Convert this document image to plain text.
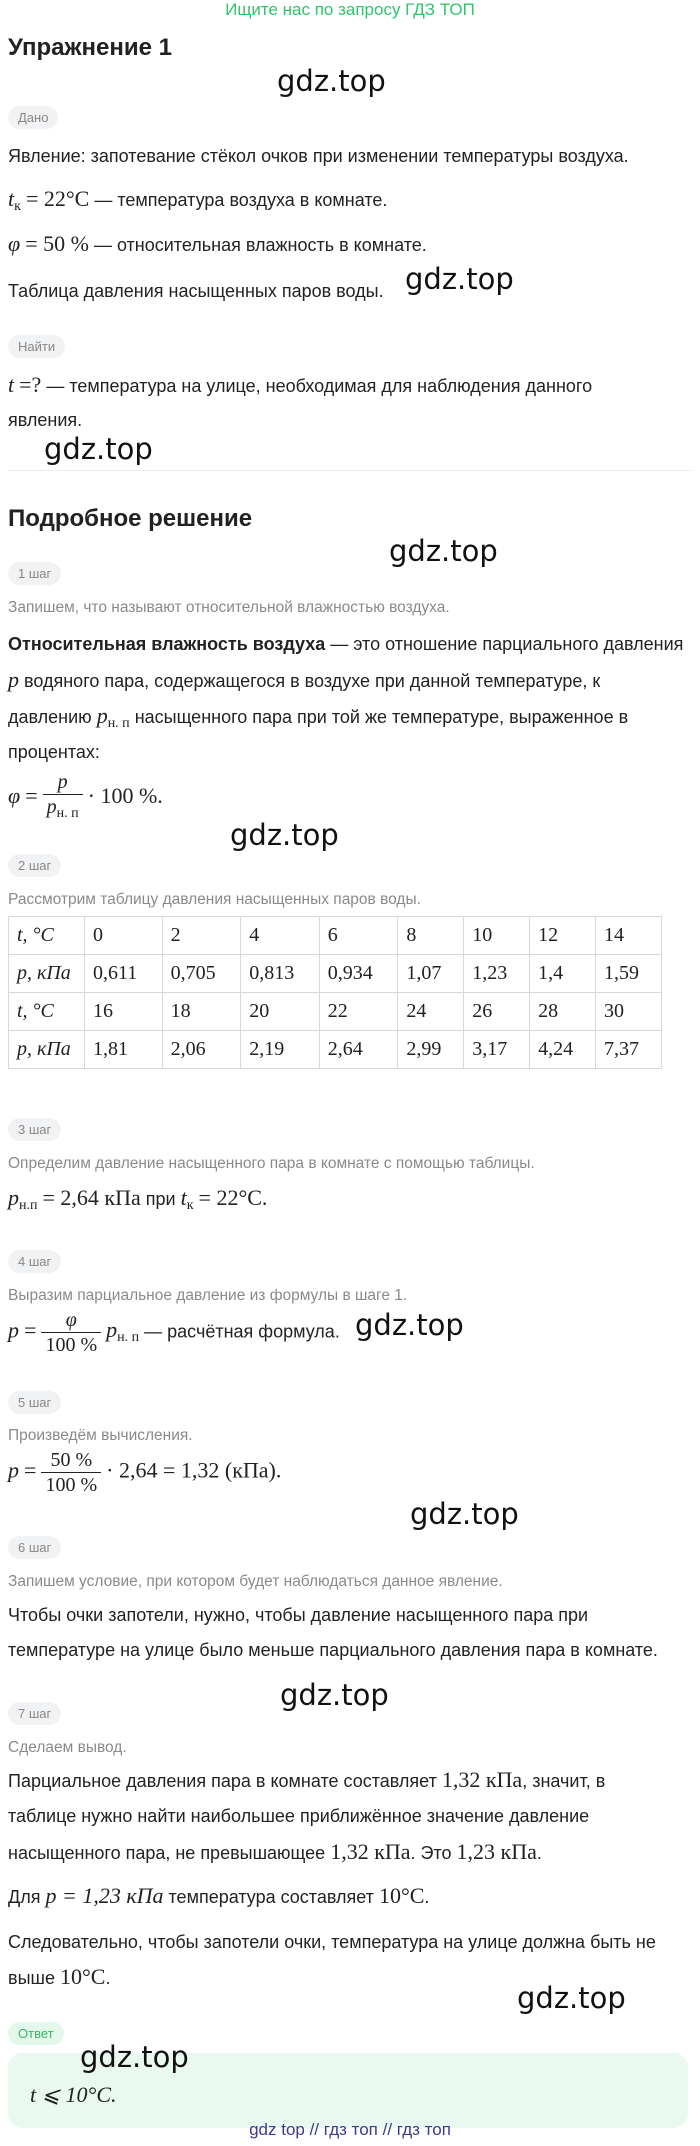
Ищите нас по запросу ГДЗ ТОП
Упражнение 1
gdz.top
Дано
Явление: запотевание стёкол очков при изменении температуры воздуха.
$t_к = 22^\circ C$ — температура воздуха в комнате.
φ = 50 % — относительная влажность в комнате.
Таблица давления насыщенных паров воды. gdz.top
Найти
t =? — температура на улице, необходимая для наблюдения данного
явления.
gdz.top
Подробное решение
gdz.top
1 шаг
Запишем, что называют относительной влажностью воздуха.
Относительная влажность воздуха — это отношение парциального давления
p водяного пара, содержащегося в воздухе при данной температуре, к
давлению $p_{н. п}$ насыщенного пара при той же температуре, выраженное в
процентах:
$\varphi = \frac{p}{p_{н. п}} \cdot 100$ %.
gdz.top
2 шаг
Рассмотрим таблицу давления насыщенных паров воды.
t, °C	0	2	4	6	8	10	12	14
p, кПа	0,611	0,705	0,813	0,934	1,07	1,23	1,4	1,59
t, °C	16	18	20	22	24	26	28	30
p, кПа	1,81	2,06	2,19	2,64	2,99	3,17	4,24	7,37
3 шаг
Определим давление насыщенного пара в комнате с помощью таблицы.
$p_{н.п} = 2,64$ кПа при $t_к = 22^\circ C$.
4 шаг
Выразим парциальное давление из формулы в шаге 1.
$p = \frac{\varphi}{100 \%} p_{н. п}$ — расчётная формула. gdz.top
5 шаг
Произведём вычисления.
$p = \frac{50 \%}{100 \%} \cdot 2,64 = 1,32$ (кПа).
gdz.top
6 шаг
Запишем условие, при котором будет наблюдаться данное явление.
Чтобы очки запотели, нужно, чтобы давление насыщенного пара при
температуре на улице было меньше парциального давления пара в комнате.
gdz.top
7 шаг
Сделаем вывод.
Парциальное давления пара в комнате составляет 1,32 кПа, значит, в
таблице нужно найти наибольшее приближённое значение давление
насыщенного пара, не превышающее 1,32 кПа. Это 1,23 кПа.
Для p = 1,23 кПа температура составляет 10°C.
Следовательно, чтобы запотели очки, температура на улице должна быть не
выше 10°C.
gdz.top
Ответ
gdz.top
t ⩽ 10°C.
gdz top // гдз топ // гдз топ
